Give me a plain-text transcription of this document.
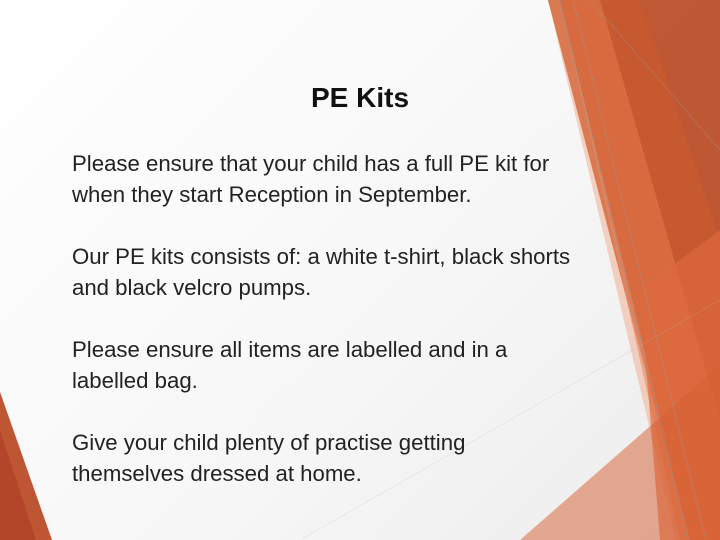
PE Kits

Please ensure that your child has a full PE kit for
when they start Reception in September.

Our PE kits consists of: a white t-shirt, black shorts
and black velcro pumps.

Please ensure all items are labelled and in a
labelled bag.

Give your child plenty of practise getting
themselves dressed at home.
